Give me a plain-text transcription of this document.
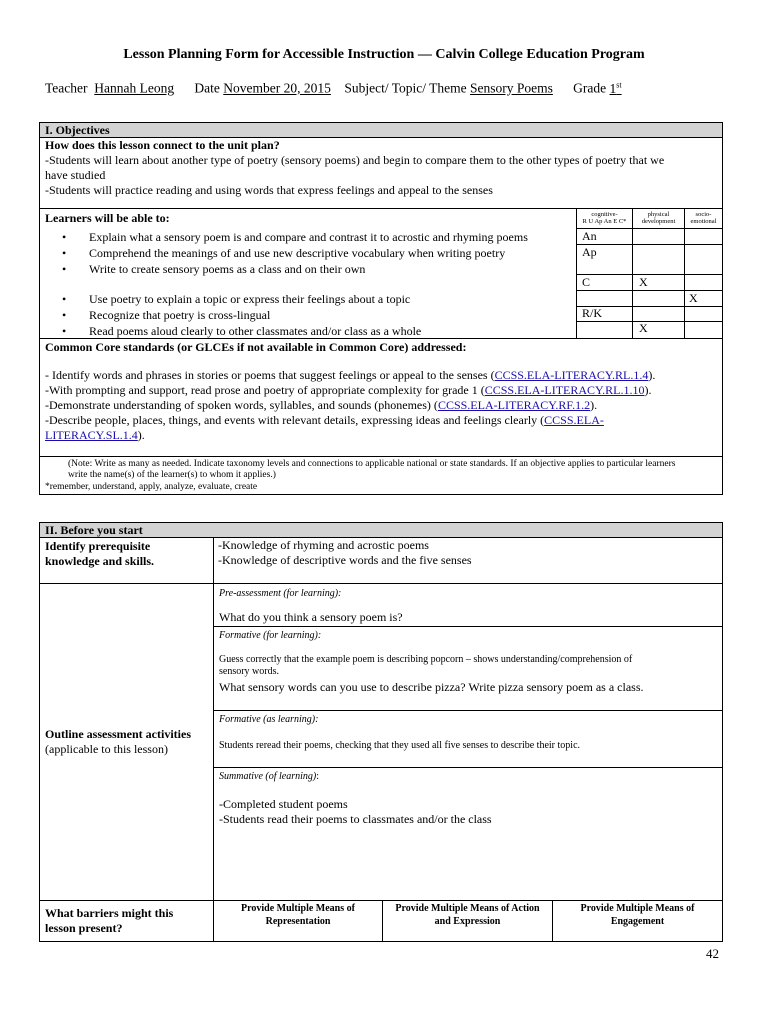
Lesson Planning Form for Accessible Instruction — Calvin College Education Program
Teacher Hannah Leong Date November 20, 2015 Subject/ Topic/ Theme Sensory Poems Grade 1st
I. Objectives
How does this lesson connect to the unit plan?
-Students will learn about another type of poetry (sensory poems) and begin to compare them to the other types of poetry that we
have studied
-Students will practice reading and using words that express feelings and appeal to the senses
Learners will be able to:	cognitive-
R U Ap An E C*
physical
development
socio-
emotional
• Explain what a sensory poem is and compare and contrast it to acrostic and rhyming poems
• Comprehend the meanings of and use new descriptive vocabulary when writing poetry
• Write to create sensory poems as a class and on their own
• Use poetry to explain a topic or express their feelings about a topic
• Recognize that poetry is cross-lingual
• Read poems aloud clearly to other classmates and/or class as a whole
An
Ap
C	X
X
R/K
X
Common Core standards (or GLCEs if not available in Common Core) addressed:
- Identify words and phrases in stories or poems that suggest feelings or appeal to the senses (CCSS.ELA-LITERACY.RL.1.4).
-With prompting and support, read prose and poetry of appropriate complexity for grade 1 (CCSS.ELA-LITERACY.RL.1.10).
-Demonstrate understanding of spoken words, syllables, and sounds (phonemes) (CCSS.ELA-LITERACY.RF.1.2).
-Describe people, places, things, and events with relevant details, expressing ideas and feelings clearly (CCSS.ELA-
LITERACY.SL.1.4).
(Note: Write as many as needed. Indicate taxonomy levels and connections to applicable national or state standards. If an objective applies to particular learners
write the name(s) of the learner(s) to whom it applies.)
*remember, understand, apply, analyze, evaluate, create
II. Before you start
Identify prerequisite knowledge and skills.
-Knowledge of rhyming and acrostic poems
-Knowledge of descriptive words and the five senses
Outline assessment activities
(applicable to this lesson)
Pre-assessment (for learning):
What do you think a sensory poem is?
Formative (for learning):
Guess correctly that the example poem is describing popcorn – shows understanding/comprehension of
sensory words.
What sensory words can you use to describe pizza? Write pizza sensory poem as a class.
Formative (as learning):
Students reread their poems, checking that they used all five senses to describe their topic.
Summative (of learning):
-Completed student poems
-Students read their poems to classmates and/or the class
What barriers might this lesson present?
Provide Multiple Means of Representation
Provide Multiple Means of Action and Expression
Provide Multiple Means of Engagement
42
